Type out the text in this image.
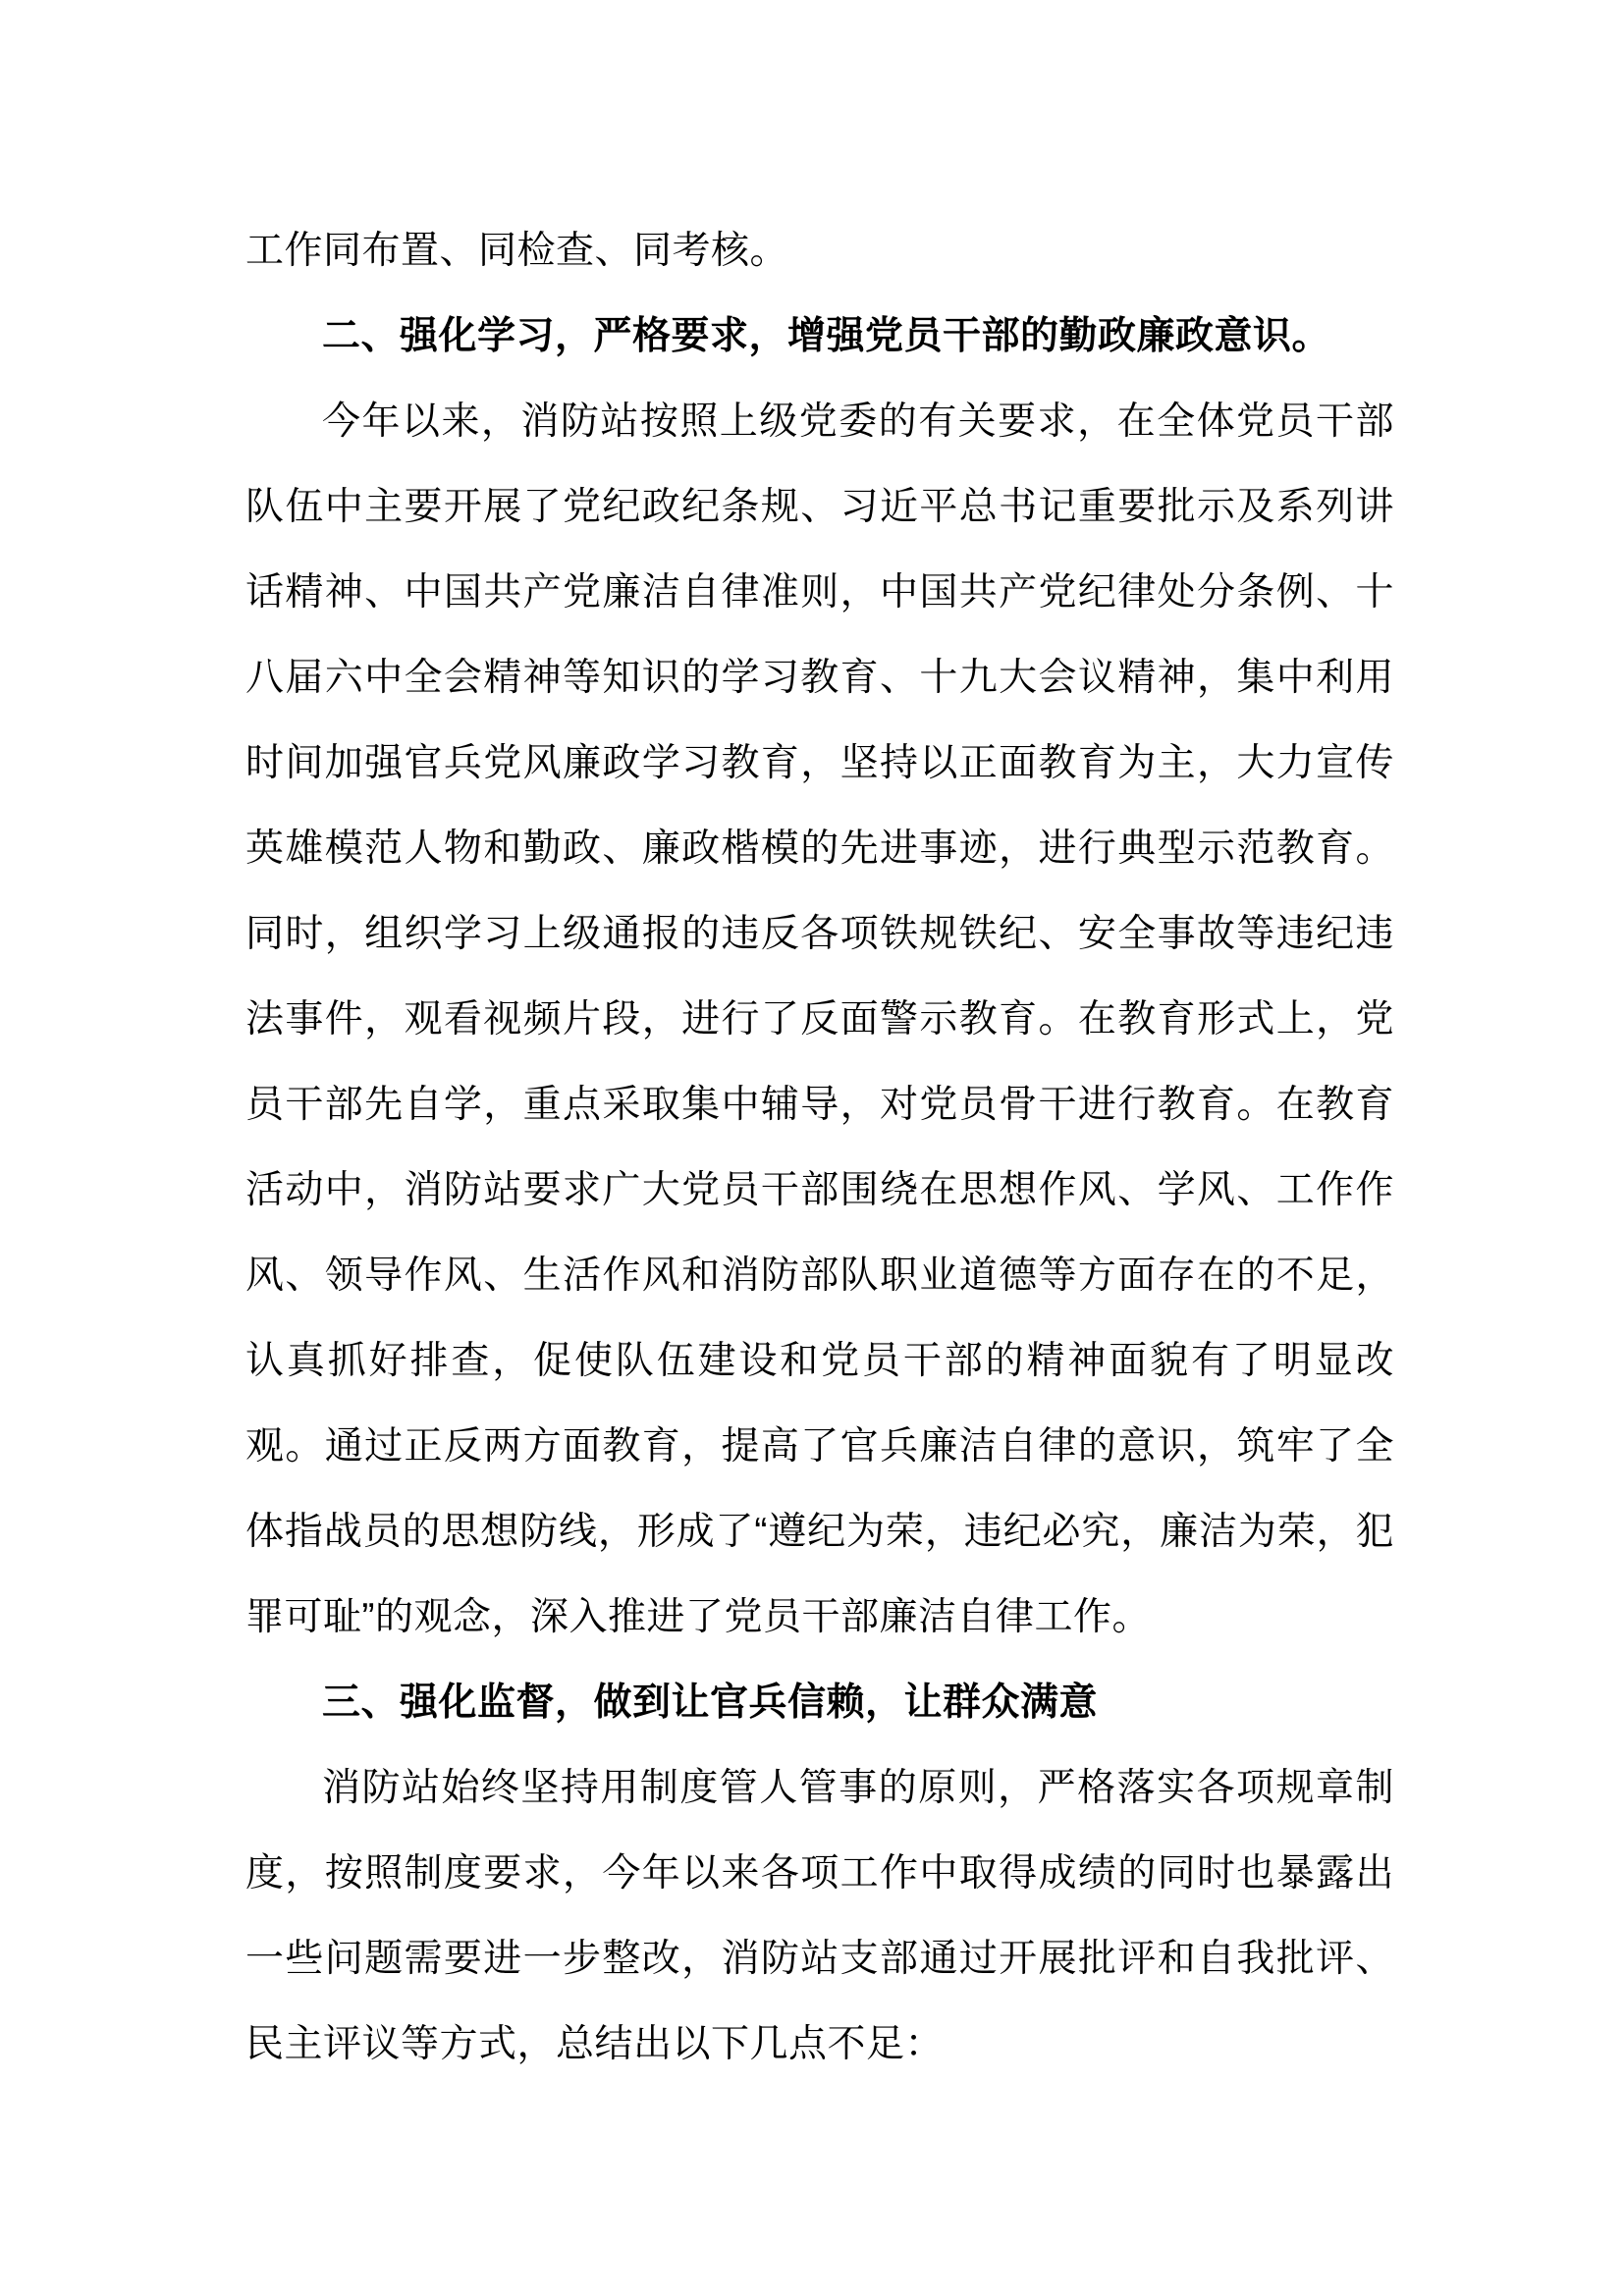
工作同布置、同检查、同考核。

二、强化学习，严格要求，增强党员干部的勤政廉政意识。

今年以来，消防站按照上级党委的有关要求，在全体党员干部队伍中主要开展了党纪政纪条规、习近平总书记重要批示及系列讲话精神、中国共产党廉洁自律准则，中国共产党纪律处分条例、十八届六中全会精神等知识的学习教育、十九大会议精神，集中利用时间加强官兵党风廉政学习教育，坚持以正面教育为主，大力宣传英雄模范人物和勤政、廉政楷模的先进事迹，进行典型示范教育。同时，组织学习上级通报的违反各项铁规铁纪、安全事故等违纪违法事件，观看视频片段，进行了反面警示教育。在教育形式上，党员干部先自学，重点采取集中辅导，对党员骨干进行教育。在教育活动中，消防站要求广大党员干部围绕在思想作风、学风、工作作风、领导作风、生活作风和消防部队职业道德等方面存在的不足，认真抓好排查，促使队伍建设和党员干部的精神面貌有了明显改观。通过正反两方面教育，提高了官兵廉洁自律的意识，筑牢了全体指战员的思想防线，形成了“遵纪为荣，违纪必究，廉洁为荣，犯罪可耻”的观念，深入推进了党员干部廉洁自律工作。

三、强化监督，做到让官兵信赖，让群众满意

消防站始终坚持用制度管人管事的原则，严格落实各项规章制度，按照制度要求，今年以来各项工作中取得成绩的同时也暴露出一些问题需要进一步整改，消防站支部通过开展批评和自我批评、民主评议等方式，总结出以下几点不足：
